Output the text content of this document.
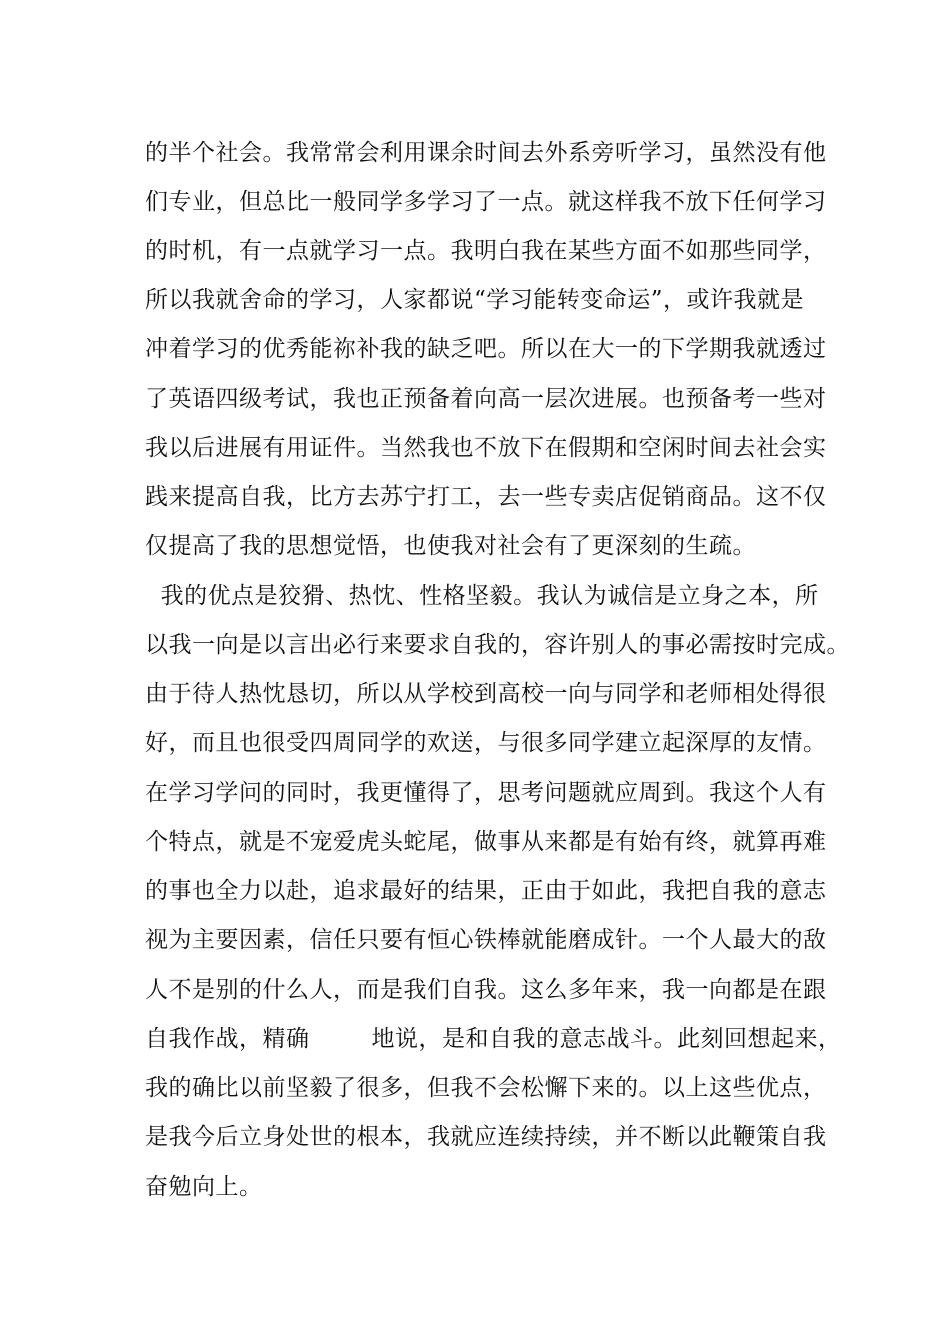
的半个社会。我常常会利用课余时间去外系旁听学习，虽然没有他
们专业，但总比一般同学多学习了一点。就这样我不放下任何学习
的时机，有一点就学习一点。我明白我在某些方面不如那些同学，
所以我就舍命的学习，人家都说“学习能转变命运”，或许我就是
冲着学习的优秀能祢补我的缺乏吧。所以在大一的下学期我就透过
了英语四级考试，我也正预备着向高一层次进展。也预备考一些对
我以后进展有用证件。当然我也不放下在假期和空闲时间去社会实
践来提高自我，比方去苏宁打工，去一些专卖店促销商品。这不仅
仅提高了我的思想觉悟，也使我对社会有了更深刻的生疏。
我的优点是狡猾、热忱、性格坚毅。我认为诚信是立身之本，所
以我一向是以言出必行来要求自我的，容许别人的事必需按时完成。
由于待人热忱恳切，所以从学校到高校一向与同学和老师相处得很
好，而且也很受四周同学的欢送，与很多同学建立起深厚的友情。
在学习学问的同时，我更懂得了，思考问题就应周到。我这个人有
个特点，就是不宠爱虎头蛇尾，做事从来都是有始有终，就算再难
的事也全力以赴，追求最好的结果，正由于如此，我把自我的意志
视为主要因素，信任只要有恒心铁棒就能磨成针。一个人最大的敌
人不是别的什么人，而是我们自我。这么多年来，我一向都是在跟
自我作战，精确	地说，是和自我的意志战斗。此刻回想起来，
我的确比以前坚毅了很多，但我不会松懈下来的。以上这些优点，
是我今后立身处世的根本，我就应连续持续，并不断以此鞭策自我
奋勉向上。
